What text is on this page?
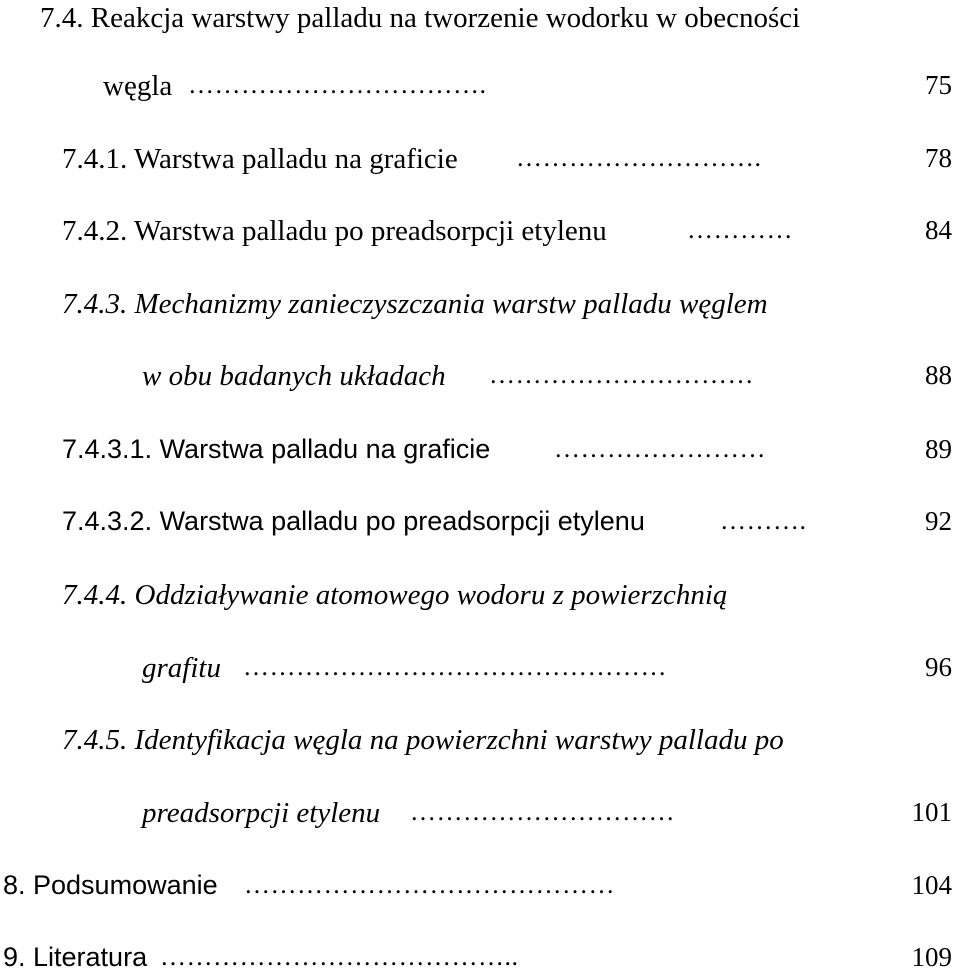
7.4. Reakcja warstwy palladu na tworzenie wodorku w obecności
węgla …………………………….	75
7.4.1. Warstwa palladu na graficie ……………………….	78
7.4.2. Warstwa palladu po preadsorpcji etylenu	…………	84
7.4.3. Mechanizmy zanieczyszczania warstw palladu węglem
w obu badanych układach …………………………	88
7.4.3.1. Warstwa palladu na graficie ……………………	89
7.4.3.2. Warstwa palladu po preadsorpcji etylenu	……….	92
7.4.4. Oddziaływanie atomowego wodoru z powierzchnią
grafitu …………………………………………	96
7.4.5. Identyfikacja węgla na powierzchni warstwy palladu po
preadsorpcji etylenu …………………………	101
8. Podsumowanie ……………………………………	104
9. Literatura …………………………………..	109
